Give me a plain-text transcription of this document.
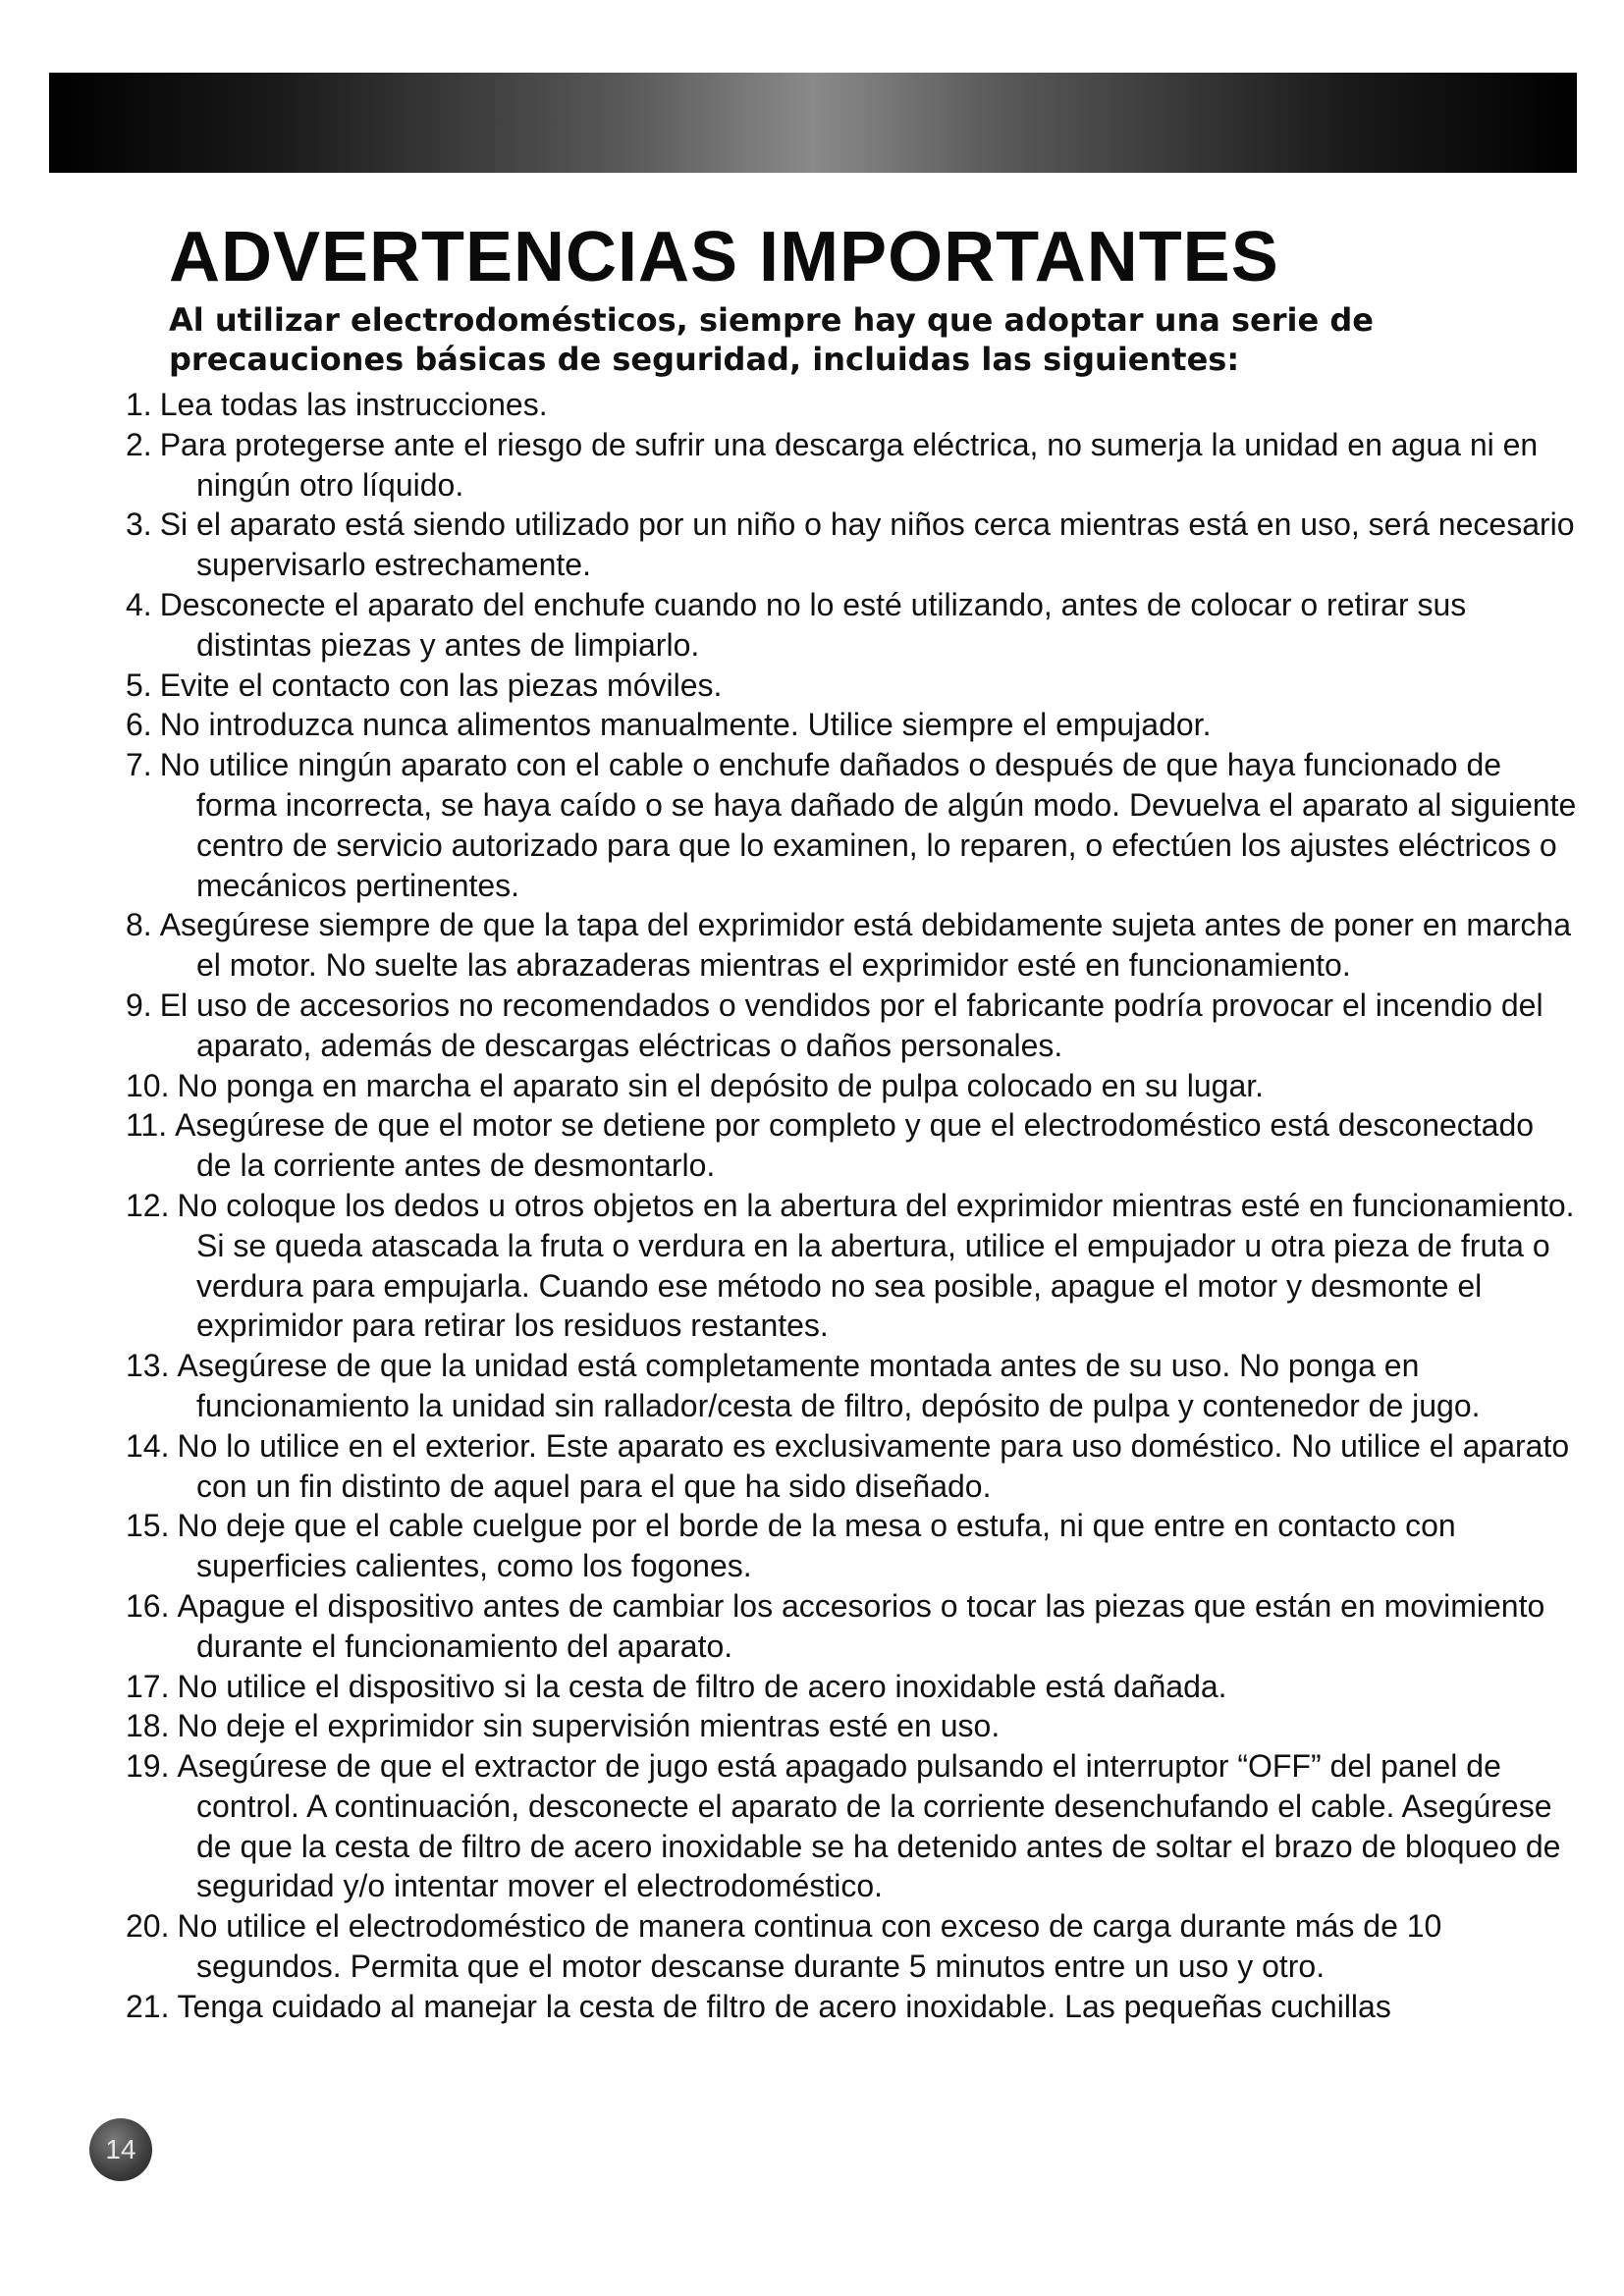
ADVERTENCIAS IMPORTANTES

Al utilizar electrodomésticos, siempre hay que adoptar una serie de precauciones básicas de seguridad, incluidas las siguientes:

1. Lea todas las instrucciones.
2. Para protegerse ante el riesgo de sufrir una descarga eléctrica, no sumerja la unidad en agua ni en ningún otro líquido.
3. Si el aparato está siendo utilizado por un niño o hay niños cerca mientras está en uso, será necesario supervisarlo estrechamente.
4. Desconecte el aparato del enchufe cuando no lo esté utilizando, antes de colocar o retirar sus distintas piezas y antes de limpiarlo.
5. Evite el contacto con las piezas móviles.
6. No introduzca nunca alimentos manualmente. Utilice siempre el empujador.
7. No utilice ningún aparato con el cable o enchufe dañados o después de que haya funcionado de forma incorrecta, se haya caído o se haya dañado de algún modo. Devuelva el aparato al siguiente centro de servicio autorizado para que lo examinen, lo reparen, o efectúen los ajustes eléctricos o mecánicos pertinentes.
8. Asegúrese siempre de que la tapa del exprimidor está debidamente sujeta antes de poner en marcha el motor. No suelte las abrazaderas mientras el exprimidor esté en funcionamiento.
9. El uso de accesorios no recomendados o vendidos por el fabricante podría provocar el incendio del aparato, además de descargas eléctricas o daños personales.
10. No ponga en marcha el aparato sin el depósito de pulpa colocado en su lugar.
11. Asegúrese de que el motor se detiene por completo y que el electrodoméstico está desconectado de la corriente antes de desmontarlo.
12. No coloque los dedos u otros objetos en la abertura del exprimidor mientras esté en funcionamiento. Si se queda atascada la fruta o verdura en la abertura, utilice el empujador u otra pieza de fruta o verdura para empujarla. Cuando ese método no sea posible, apague el motor y desmonte el exprimidor para retirar los residuos restantes.
13. Asegúrese de que la unidad está completamente montada antes de su uso. No ponga en funcionamiento la unidad sin rallador/cesta de filtro, depósito de pulpa y contenedor de jugo.
14. No lo utilice en el exterior. Este aparato es exclusivamente para uso doméstico. No utilice el aparato con un fin distinto de aquel para el que ha sido diseñado.
15. No deje que el cable cuelgue por el borde de la mesa o estufa, ni que entre en contacto con superficies calientes, como los fogones.
16. Apague el dispositivo antes de cambiar los accesorios o tocar las piezas que están en movimiento durante el funcionamiento del aparato.
17. No utilice el dispositivo si la cesta de filtro de acero inoxidable está dañada.
18. No deje el exprimidor sin supervisión mientras esté en uso.
19. Asegúrese de que el extractor de jugo está apagado pulsando el interruptor “OFF” del panel de control. A continuación, desconecte el aparato de la corriente desenchufando el cable. Asegúrese de que la cesta de filtro de acero inoxidable se ha detenido antes de soltar el brazo de bloqueo de seguridad y/o intentar mover el electrodoméstico.
20. No utilice el electrodoméstico de manera continua con exceso de carga durante más de 10 segundos. Permita que el motor descanse durante 5 minutos entre un uso y otro.
21. Tenga cuidado al manejar la cesta de filtro de acero inoxidable. Las pequeñas cuchillas
14
